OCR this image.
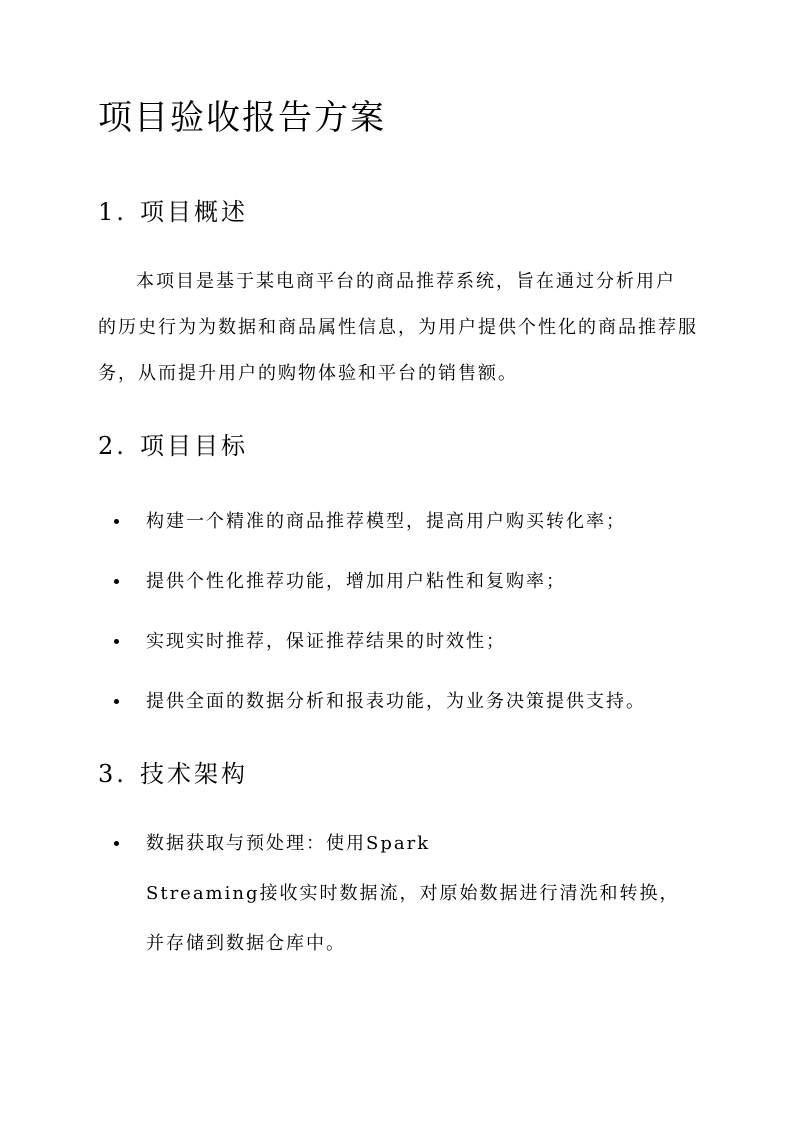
项目验收报告方案
1. 项目概述

本项目是基于某电商平台的商品推荐系统，旨在通过分析用户
的历史行为为数据和商品属性信息，为用户提供个性化的商品推荐服
务，从而提升用户的购物体验和平台的销售额。

2. 项目目标
构建一个精准的商品推荐模型，提高用户购买转化率；
提供个性化推荐功能，增加用户粘性和复购率；
实现实时推荐，保证推荐结果的时效性；
提供全面的数据分析和报表功能，为业务决策提供支持。
3. 技术架构
数据获取与预处理：使用Spark
Streaming接收实时数据流，对原始数据进行清洗和转换，
并存储到数据仓库中。
